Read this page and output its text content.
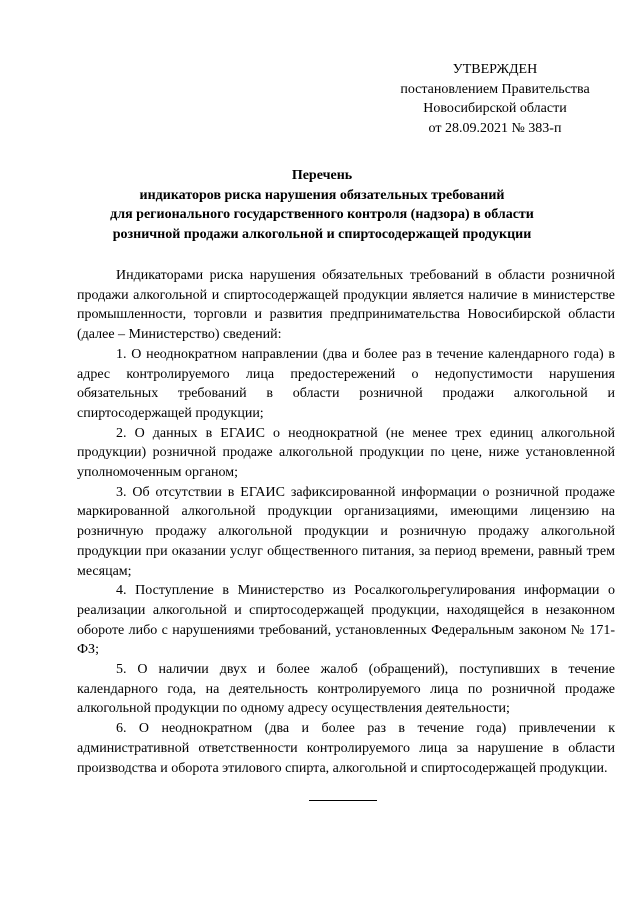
УТВЕРЖДЕН
постановлением Правительства
Новосибирской области
от 28.09.2021 № 383-п
Перечень
индикаторов риска нарушения обязательных требований
для регионального государственного контроля (надзора) в области
розничной продажи алкогольной и спиртосодержащей продукции

Индикаторами риска нарушения обязательных требований в области розничной продажи алкогольной и спиртосодержащей продукции является наличие в министерстве промышленности, торговли и развития предпринимательства Новосибирской области (далее – Министерство) сведений:

1. О неоднократном направлении (два и более раз в течение календарного года) в адрес контролируемого лица предостережений о недопустимости нарушения обязательных требований в области розничной продажи алкогольной и спиртосодержащей продукции;

2. О данных в ЕГАИС о неоднократной (не менее трех единиц алкогольной продукции) розничной продаже алкогольной продукции по цене, ниже установленной уполномоченным органом;

3. Об отсутствии в ЕГАИС зафиксированной информации о розничной продаже маркированной алкогольной продукции организациями, имеющими лицензию на розничную продажу алкогольной продукции и розничную продажу алкогольной продукции при оказании услуг общественного питания, за период времени, равный трем месяцам;

4. Поступление в Министерство из Росалкогольрегулирования информации о реализации алкогольной и спиртосодержащей продукции, находящейся в незаконном обороте либо с нарушениями требований, установленных Федеральным законом № 171-ФЗ;

5. О наличии двух и более жалоб (обращений), поступивших в течение календарного года, на деятельность контролируемого лица по розничной продаже алкогольной продукции по одному адресу осуществления деятельности;

6. О неоднократном (два и более раз в течение года) привлечении к административной ответственности контролируемого лица за нарушение в области производства и оборота этилового спирта, алкогольной и спиртосодержащей продукции.
